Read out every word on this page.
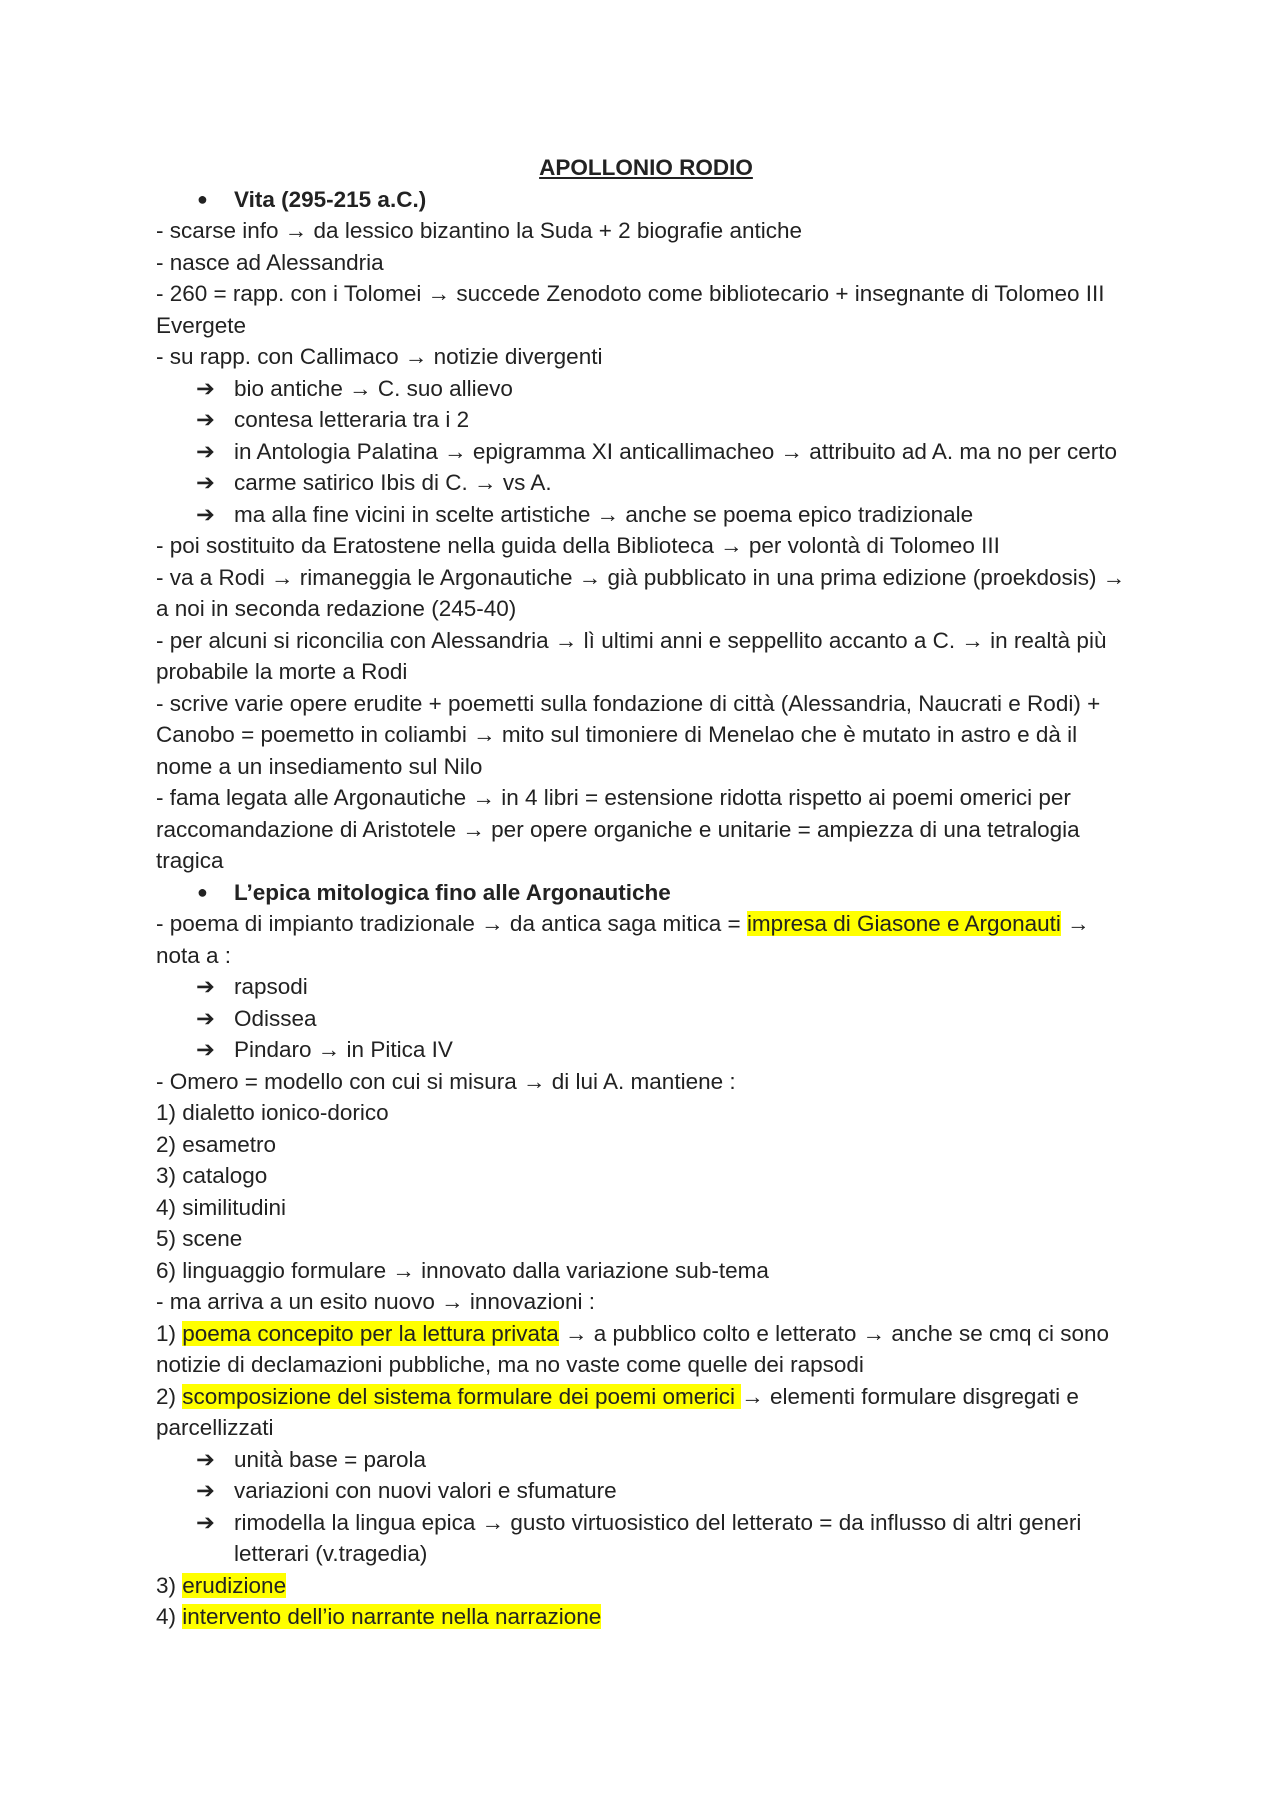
APOLLONIO RODIO
● Vita (295-215 a.C.)
- scarse info → da lessico bizantino la Suda + 2 biografie antiche
- nasce ad Alessandria
- 260 = rapp. con i Tolomei → succede Zenodoto come bibliotecario + insegnante di Tolomeo III Evergete
- su rapp. con Callimaco → notizie divergenti
➔ bio antiche → C. suo allievo
➔ contesa letteraria tra i 2
➔ in Antologia Palatina → epigramma XI anticallimacheo → attribuito ad A. ma no per certo
➔ carme satirico Ibis di C. → vs A.
➔ ma alla fine vicini in scelte artistiche → anche se poema epico tradizionale
- poi sostituito da Eratostene nella guida della Biblioteca → per volontà di Tolomeo III
- va a Rodi → rimaneggia le Argonautiche → già pubblicato in una prima edizione (proekdosis) → a noi in seconda redazione (245-40)
- per alcuni si riconcilia con Alessandria → lì ultimi anni e seppellito accanto a C. → in realtà più probabile la morte a Rodi
- scrive varie opere erudite + poemetti sulla fondazione di città (Alessandria, Naucrati e Rodi) + Canobo = poemetto in coliambi → mito sul timoniere di Menelao che è mutato in astro e dà il nome a un insediamento sul Nilo
- fama legata alle Argonautiche → in 4 libri = estensione ridotta rispetto ai poemi omerici per raccomandazione di Aristotele → per opere organiche e unitarie = ampiezza di una tetralogia tragica
● L’epica mitologica fino alle Argonautiche
- poema di impianto tradizionale → da antica saga mitica = impresa di Giasone e Argonauti → nota a :
➔ rapsodi
➔ Odissea
➔ Pindaro → in Pitica IV
- Omero = modello con cui si misura → di lui A. mantiene :
1) dialetto ionico-dorico
2) esametro
3) catalogo
4) similitudini
5) scene
6) linguaggio formulare → innovato dalla variazione sub-tema
- ma arriva a un esito nuovo → innovazioni :
1) poema concepito per la lettura privata → a pubblico colto e letterato → anche se cmq ci sono notizie di declamazioni pubbliche, ma no vaste come quelle dei rapsodi
2) scomposizione del sistema formulare dei poemi omerici → elementi formulare disgregati e parcellizzati
➔ unità base = parola
➔ variazioni con nuovi valori e sfumature
➔ rimodella la lingua epica → gusto virtuosistico del letterato = da influsso di altri generi letterari (v.tragedia)
3) erudizione
4) intervento dell’io narrante nella narrazione
